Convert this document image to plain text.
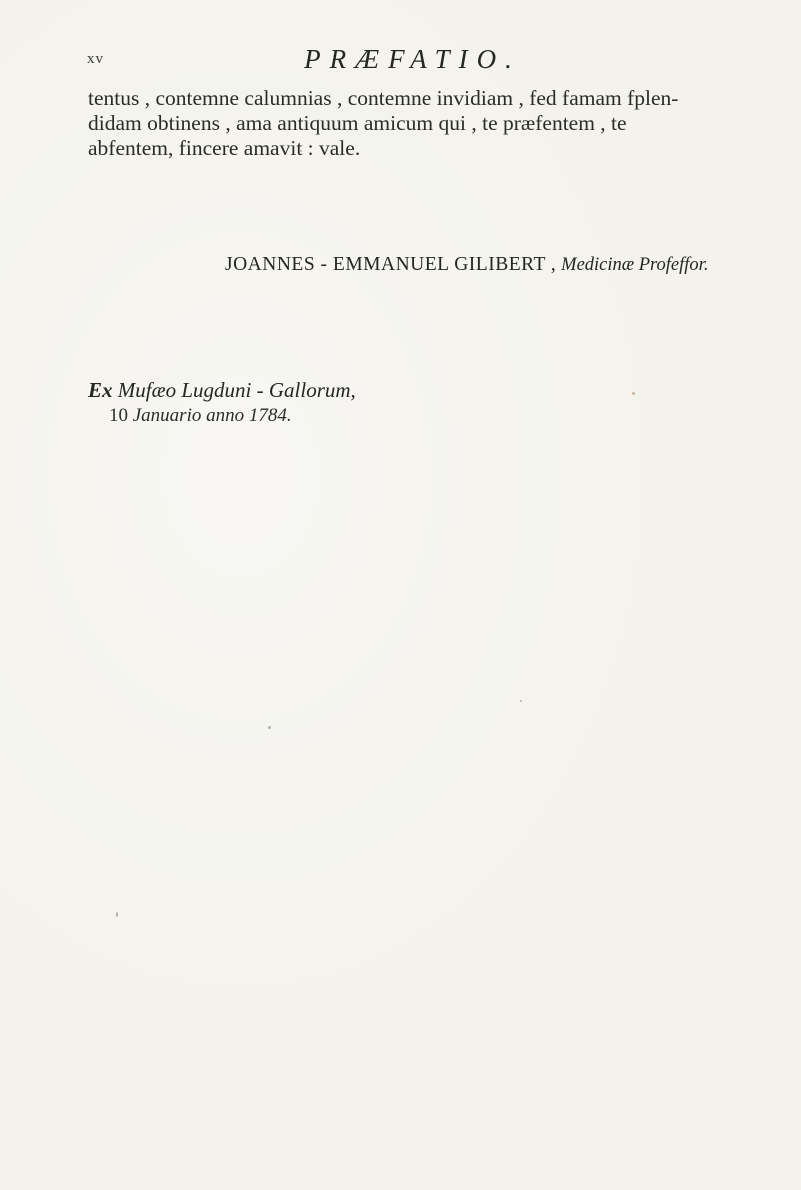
xv	PRÆFATIO.
tentus , contemne calumnias , contemne invidiam , fed famam fplen-
didam obtinens , ama antiquum amicum qui , te præfentem , te
abfentem, fincere amavit : vale.
JOANNES - EMMANUEL GILIBERT , Medicinæ Profeffor.
Ex Mufæo Lugduni - Gallorum,
10 Januario anno 1784.
